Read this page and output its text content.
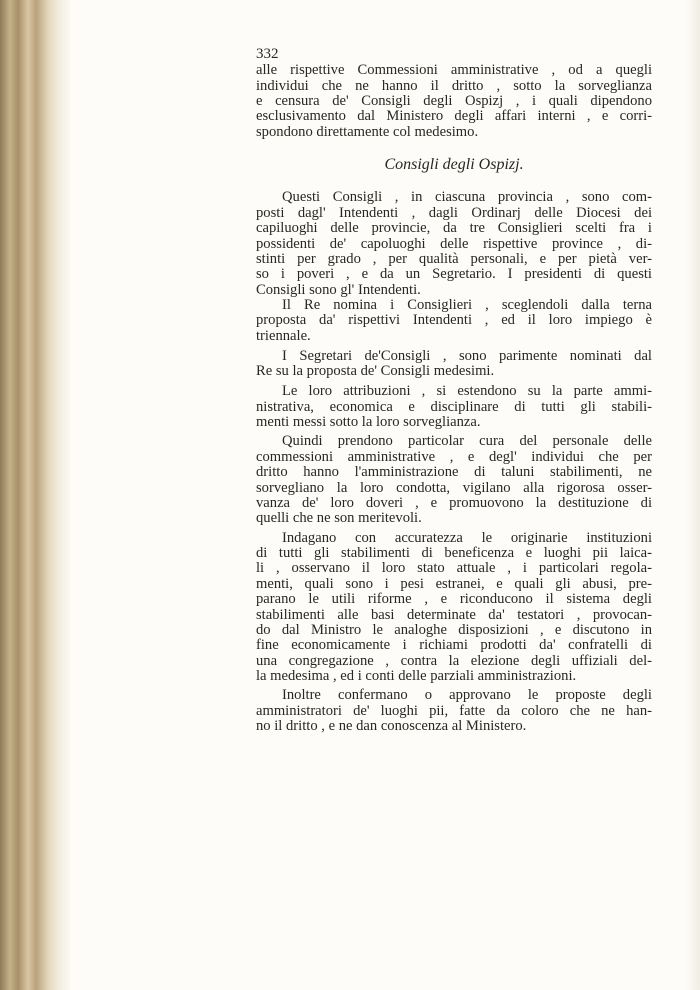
332
Consigli degli Ospizj.
alle rispettive Commessioni amministrative , od a quegli
individui che ne hanno il dritto , sotto la sorveglianza
e censura de' Consigli degli Ospizj , i quali dipendono
esclusivamento dal Ministero degli affari interni , e corri-
spondono direttamente col medesimo.
Questi Consigli , in ciascuna provincia , sono com-
posti dagl' Intendenti , dagli Ordinarj delle Diocesi dei
capiluoghi delle provincie, da tre Consiglieri scelti fra i
possidenti de' capoluoghi delle rispettive province , di-
stinti per grado , per qualità personali, e per pietà ver-
so i poveri , e da un Segretario. I presidenti di questi
Consigli sono gl' Intendenti.
Il Re nomina i Consiglieri , sceglendoli dalla terna
proposta da' rispettivi Intendenti , ed il loro impiego è
triennale.
I Segretari de'Consigli , sono parimente nominati dal
Re su la proposta de' Consigli medesimi.
Le loro attribuzioni , si estendono su la parte ammi-
nistrativa, economica e disciplinare di tutti gli stabili-
menti messi sotto la loro sorveglianza.
Quindi prendono particolar cura del personale delle
commessioni amministrative , e degl' individui che per
dritto hanno l'amministrazione di taluni stabilimenti, ne
sorvegliano la loro condotta, vigilano alla rigorosa osser-
vanza de' loro doveri , e promuovono la destituzione di
quelli che ne son meritevoli.
Indagano con accuratezza le originarie instituzioni
di tutti gli stabilimenti di beneficenza e luoghi pii laica-
li , osservano il loro stato attuale , i particolari regola-
menti, quali sono i pesi estranei, e quali gli abusi, pre-
parano le utili riforme , e riconducono il sistema degli
stabilimenti alle basi determinate da' testatori , provocan-
do dal Ministro le analoghe disposizioni , e discutono in
fine economicamente i richiami prodotti da' confratelli di
una congregazione , contra la elezione degli uffiziali del-
la medesima , ed i conti delle parziali amministrazioni.
Inoltre confermano o approvano le proposte degli
amministratori de' luoghi pii, fatte da coloro che ne han-
no il dritto , e ne dan conoscenza al Ministero.
